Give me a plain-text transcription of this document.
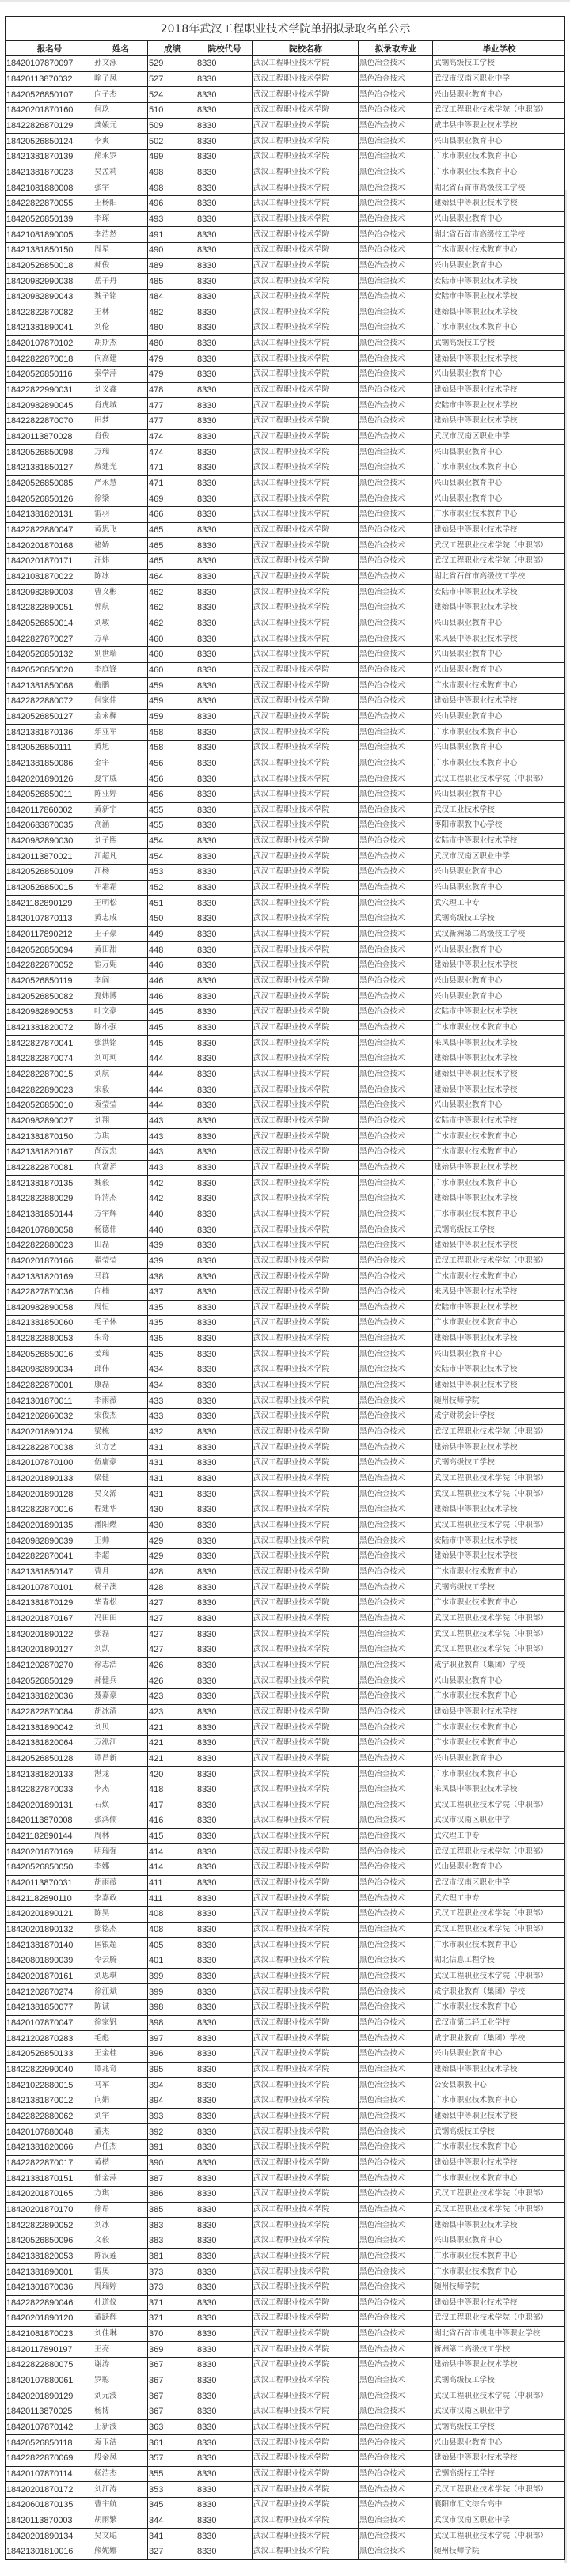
2018年武汉工程职业技术学院单招拟录取名单公示						
报名号	姓名	成绩	院校代号	院校名称	拟录取专业	毕业学校
18420107870097	孙文泳	529	8330	武汉工程职业技术学院	黑色冶金技术	武钢高级技工学校
18420113870032	喻子凤	527	8330	武汉工程职业技术学院	黑色冶金技术	武汉市汉南区职业中学
18420526850107	向子杰	524	8330	武汉工程职业技术学院	黑色冶金技术	兴山县职业教育中心
18420201870160	何玖	510	8330	武汉工程职业技术学院	黑色冶金技术	武汉工程职业技术学院（中职部）
18422826870129	龚媛元	509	8330	武汉工程职业技术学院	黑色冶金技术	咸丰县中等职业技术学校
18420526850124	李爽	502	8330	武汉工程职业技术学院	黑色冶金技术	兴山县职业教育中心
18421381870139	熊永罗	499	8330	武汉工程职业技术学院	黑色冶金技术	广水市职业技术教育中心
18421381870023	吴孟莉	498	8330	武汉工程职业技术学院	黑色冶金技术	广水市职业技术教育中心
18421081880008	张宇	498	8330	武汉工程职业技术学院	黑色冶金技术	湖北省石首市高级技工学校
18422822870055	王杨阳	496	8330	武汉工程职业技术学院	黑色冶金技术	建始县中等职业技术学校
18420526850139	李琛	493	8330	武汉工程职业技术学院	黑色冶金技术	兴山县职业教育中心
18421081890005	李浩然	491	8330	武汉工程职业技术学院	黑色冶金技术	湖北省石首市高级技工学校
18421381850150	周星	490	8330	武汉工程职业技术学院	黑色冶金技术	广水市职业技术教育中心
18420526850018	郝俊	489	8330	武汉工程职业技术学院	黑色冶金技术	兴山县职业教育中心
18420982990038	岳子丹	485	8330	武汉工程职业技术学院	黑色冶金技术	安陆市中等职业技术学校
18420982890043	魏子铭	484	8330	武汉工程职业技术学院	黑色冶金技术	安陆市中等职业技术学校
18422822870082	王林	482	8330	武汉工程职业技术学院	黑色冶金技术	建始县中等职业技术学校
18421381890041	刘伦	480	8330	武汉工程职业技术学院	黑色冶金技术	广水市职业技术教育中心
18420107870102	胡斯杰	480	8330	武汉工程职业技术学院	黑色冶金技术	武钢高级技工学校
18422822870018	向高建	479	8330	武汉工程职业技术学院	黑色冶金技术	建始县中等职业技术学校
18420526850116	秦学萍	479	8330	武汉工程职业技术学院	黑色冶金技术	兴山县职业教育中心
18422822990031	刘义鑫	478	8330	武汉工程职业技术学院	黑色冶金技术	建始县中等职业技术学校
18420982890045	肖虎城	477	8330	武汉工程职业技术学院	黑色冶金技术	安陆市中等职业技术学校
18422822870070	田梦	477	8330	武汉工程职业技术学院	黑色冶金技术	建始县中等职业技术学校
18420113870028	肖俊	474	8330	武汉工程职业技术学院	黑色冶金技术	武汉市汉南区职业中学
18420526850098	万瑞	474	8330	武汉工程职业技术学院	黑色冶金技术	兴山县职业教育中心
18421381850127	敖建光	471	8330	武汉工程职业技术学院	黑色冶金技术	广水市职业技术教育中心
18420526850085	严永慧	471	8330	武汉工程职业技术学院	黑色冶金技术	兴山县职业教育中心
18420526850126	徐梁	469	8330	武汉工程职业技术学院	黑色冶金技术	兴山县职业教育中心
18421381820131	雷羽	466	8330	武汉工程职业技术学院	黑色冶金技术	广水市职业技术教育中心
18422822880047	黄思飞	465	8330	武汉工程职业技术学院	黑色冶金技术	建始县中等职业技术学校
18420201870168	褚娇	465	8330	武汉工程职业技术学院	黑色冶金技术	武汉工程职业技术学院（中职部）
18420201870171	汪炜	465	8330	武汉工程职业技术学院	黑色冶金技术	武汉工程职业技术学院（中职部）
18421081870022	陈冰	464	8330	武汉工程职业技术学院	黑色冶金技术	湖北省石首市高级技工学校
18420982890003	曹文彬	462	8330	武汉工程职业技术学院	黑色冶金技术	安陆市中等职业技术学校
18422822890051	郭航	462	8330	武汉工程职业技术学院	黑色冶金技术	建始县中等职业技术学校
18420526850014	刘敏	462	8330	武汉工程职业技术学院	黑色冶金技术	兴山县职业教育中心
18422827870027	方草	460	8330	武汉工程职业技术学院	黑色冶金技术	来凤县中等职业技术学校
18420526850132	别世瑞	460	8330	武汉工程职业技术学院	黑色冶金技术	兴山县职业教育中心
18420526850020	李庭锋	460	8330	武汉工程职业技术学院	黑色冶金技术	兴山县职业教育中心
18421381850068	梅鹏	459	8330	武汉工程职业技术学院	黑色冶金技术	广水市职业技术教育中心
18422822880072	何家佳	459	8330	武汉工程职业技术学院	黑色冶金技术	建始县中等职业技术学校
18420526850127	金永樨	459	8330	武汉工程职业技术学院	黑色冶金技术	兴山县职业教育中心
18421381870136	乐亚军	458	8330	武汉工程职业技术学院	黑色冶金技术	广水市职业技术教育中心
18420526850111	黄旭	458	8330	武汉工程职业技术学院	黑色冶金技术	兴山县职业教育中心
18421381850086	金宇	456	8330	武汉工程职业技术学院	黑色冶金技术	广水市职业技术教育中心
18420201890126	夏宇威	456	8330	武汉工程职业技术学院	黑色冶金技术	武汉工程职业技术学院（中职部）
18420526850011	陈业婷	456	8330	武汉工程职业技术学院	黑色冶金技术	兴山县职业教育中心
18420117860002	黄新宇	455	8330	武汉工程职业技术学院	黑色冶金技术	武汉工业技术学校
18420683870035	高涵	455	8330	武汉工程职业技术学院	黑色冶金技术	枣阳市职教中心学校
18420982890030	刘子熙	454	8330	武汉工程职业技术学院	黑色冶金技术	安陆市中等职业技术学校
18420113870021	江超凡	454	8330	武汉工程职业技术学院	黑色冶金技术	武汉市汉南区职业中学
18420526850109	江杨	453	8330	武汉工程职业技术学院	黑色冶金技术	兴山县职业教育中心
18420526850015	车霜霜	452	8330	武汉工程职业技术学院	黑色冶金技术	兴山县职业教育中心
18421182890129	王明松	451	8330	武汉工程职业技术学院	黑色冶金技术	武穴理工中专
18420107870113	黄志成	450	8330	武汉工程职业技术学院	黑色冶金技术	武钢高级技工学校
18420117890212	王子豪	449	8330	武汉工程职业技术学院	黑色冶金技术	武汉新洲第二高级技工学校
18420526850094	黄田甜	448	8330	武汉工程职业技术学院	黑色冶金技术	兴山县职业教育中心
18422822870052	宦万妮	446	8330	武汉工程职业技术学院	黑色冶金技术	建始县中等职业技术学校
18420526850119	李阎	446	8330	武汉工程职业技术学院	黑色冶金技术	兴山县职业教育中心
18420526850082	夏炜博	446	8330	武汉工程职业技术学院	黑色冶金技术	兴山县职业教育中心
18420982890053	叶文豪	445	8330	武汉工程职业技术学院	黑色冶金技术	安陆市中等职业技术学校
18421381820072	陈小强	445	8330	武汉工程职业技术学院	黑色冶金技术	广水市职业技术教育中心
18422827870041	张洪铭	445	8330	武汉工程职业技术学院	黑色冶金技术	来凤县中等职业技术学校
18422822870074	刘可珂	444	8330	武汉工程职业技术学院	黑色冶金技术	建始县中等职业技术学校
18422822870015	刘航	444	8330	武汉工程职业技术学院	黑色冶金技术	建始县中等职业技术学校
18422822890023	宋毅	444	8330	武汉工程职业技术学院	黑色冶金技术	建始县中等职业技术学校
18420526850010	袁莹莹	444	8330	武汉工程职业技术学院	黑色冶金技术	兴山县职业教育中心
18420982890027	刘翔	443	8330	武汉工程职业技术学院	黑色冶金技术	安陆市中等职业技术学校
18421381870150	方琪	443	8330	武汉工程职业技术学院	黑色冶金技术	广水市职业技术教育中心
18421381820167	尚汉忠	443	8330	武汉工程职业技术学院	黑色冶金技术	广水市职业技术教育中心
18422822870081	向富滔	443	8330	武汉工程职业技术学院	黑色冶金技术	建始县中等职业技术学校
18421381870135	魏毅	442	8330	武汉工程职业技术学院	黑色冶金技术	广水市职业技术教育中心
18422822880029	许清杰	442	8330	武汉工程职业技术学院	黑色冶金技术	建始县中等职业技术学校
18421381850144	方宇辉	440	8330	武汉工程职业技术学院	黑色冶金技术	广水市职业技术教育中心
18420107880058	杨德伟	440	8330	武汉工程职业技术学院	黑色冶金技术	武钢高级技工学校
18422822880023	田磊	439	8330	武汉工程职业技术学院	黑色冶金技术	建始县中等职业技术学校
18420201870166	翟莹莹	439	8330	武汉工程职业技术学院	黑色冶金技术	武汉工程职业技术学院（中职部）
18421381820169	马群	438	8330	武汉工程职业技术学院	黑色冶金技术	广水市职业技术教育中心
18422827870036	向楠	437	8330	武汉工程职业技术学院	黑色冶金技术	来凤县中等职业技术学校
18420982890058	周恒	435	8330	武汉工程职业技术学院	黑色冶金技术	安陆市中等职业技术学校
18421381850060	毛子休	435	8330	武汉工程职业技术学院	黑色冶金技术	广水市职业技术教育中心
18422822880053	朱奇	435	8330	武汉工程职业技术学院	黑色冶金技术	建始县中等职业技术学校
18420526850016	姜瑞	435	8330	武汉工程职业技术学院	黑色冶金技术	兴山县职业教育中心
18420982890034	邱伟	434	8330	武汉工程职业技术学院	黑色冶金技术	安陆市中等职业技术学校
18422822870001	康磊	434	8330	武汉工程职业技术学院	黑色冶金技术	建始县中等职业技术学校
18421301870011	李雨薇	433	8330	武汉工程职业技术学院	黑色冶金技术	随州技师学院
18421202860032	宋俊杰	433	8330	武汉工程职业技术学院	黑色冶金技术	咸宁财税会计学校
18420201890124	梁栋	432	8330	武汉工程职业技术学院	黑色冶金技术	武汉工程职业技术学院（中职部）
18422822870038	刘方艺	431	8330	武汉工程职业技术学院	黑色冶金技术	建始县中等职业技术学校
18420107870100	伍庸豪	431	8330	武汉工程职业技术学院	黑色冶金技术	武钢高级技工学校
18420201890133	梁健	431	8330	武汉工程职业技术学院	黑色冶金技术	武汉工程职业技术学院（中职部）
18420201890128	吴文浠	431	8330	武汉工程职业技术学院	黑色冶金技术	武汉工程职业技术学院（中职部）
18422822870016	程建华	430	8330	武汉工程职业技术学院	黑色冶金技术	建始县中等职业技术学校
18420201890135	潘阳燃	430	8330	武汉工程职业技术学院	黑色冶金技术	武汉工程职业技术学院（中职部）
18420982890039	王帅	429	8330	武汉工程职业技术学院	黑色冶金技术	安陆市中等职业技术学校
18422822870041	李超	429	8330	武汉工程职业技术学院	黑色冶金技术	建始县中等职业技术学校
18421381850147	曹月	428	8330	武汉工程职业技术学院	黑色冶金技术	广水市职业技术教育中心
18420107870101	杨子澳	428	8330	武汉工程职业技术学院	黑色冶金技术	武钢高级技工学校
18421381870129	华青松	427	8330	武汉工程职业技术学院	黑色冶金技术	广水市职业技术教育中心
18420201870167	冯田田	427	8330	武汉工程职业技术学院	黑色冶金技术	武汉工程职业技术学院（中职部）
18420201890122	张磊	427	8330	武汉工程职业技术学院	黑色冶金技术	武汉工程职业技术学院（中职部）
18420201890127	刘凯	427	8330	武汉工程职业技术学院	黑色冶金技术	武汉工程职业技术学院（中职部）
18421202870270	徐志浩	426	8330	武汉工程职业技术学院	黑色冶金技术	咸宁职业教育（集团）学校
18420526850129	郝健兵	426	8330	武汉工程职业技术学院	黑色冶金技术	兴山县职业教育中心
18421381820036	聂嘉豪	423	8330	武汉工程职业技术学院	黑色冶金技术	广水市职业技术教育中心
18422822870084	胡冰清	423	8330	武汉工程职业技术学院	黑色冶金技术	建始县中等职业技术学校
18421381890042	刘贝	421	8330	武汉工程职业技术学院	黑色冶金技术	广水市职业技术教育中心
18421381820064	万泓江	421	8330	武汉工程职业技术学院	黑色冶金技术	广水市职业技术教育中心
18420526850128	谭昌新	421	8330	武汉工程职业技术学院	黑色冶金技术	兴山县职业教育中心
18421381820133	湛龙	420	8330	武汉工程职业技术学院	黑色冶金技术	广水市职业技术教育中心
18422827870033	李杰	418	8330	武汉工程职业技术学院	黑色冶金技术	来凤县中等职业技术学校
18420201890131	石焕	417	8330	武汉工程职业技术学院	黑色冶金技术	武汉工程职业技术学院（中职部）
18420113870008	张鸿儒	416	8330	武汉工程职业技术学院	黑色冶金技术	武汉市汉南区职业中学
18421182890144	周林	415	8330	武汉工程职业技术学院	黑色冶金技术	武穴理工中专
18420201870169	明瑞强	414	8330	武汉工程职业技术学院	黑色冶金技术	武汉工程职业技术学院（中职部）
18420526850050	李娜	414	8330	武汉工程职业技术学院	黑色冶金技术	兴山县职业教育中心
18420113870031	胡雨薇	411	8330	武汉工程职业技术学院	黑色冶金技术	武汉市汉南区职业中学
18421182890110	李嘉政	411	8330	武汉工程职业技术学院	黑色冶金技术	武穴理工中专
18420201890121	陈昊	408	8330	武汉工程职业技术学院	黑色冶金技术	武汉工程职业技术学院（中职部）
18420201890132	张铭杰	408	8330	武汉工程职业技术学院	黑色冶金技术	武汉工程职业技术学院（中职部）
18421381870140	匡锒超	405	8330	武汉工程职业技术学院	黑色冶金技术	广水市职业技术教育中心
18420801890039	令云腾	401	8330	武汉工程职业技术学院	黑色冶金技术	湖北信息工程学校
18420201870161	刘思琪	399	8330	武汉工程职业技术学院	黑色冶金技术	武汉工程职业技术学院（中职部）
18421202870274	徐汪斌	399	8330	武汉工程职业技术学院	黑色冶金技术	咸宁职业教育（集团）学校
18421381850077	陈诚	398	8330	武汉工程职业技术学院	黑色冶金技术	广水市职业技术教育中心
18420107870047	徐家钒	398	8330	武汉工程职业技术学院	黑色冶金技术	武汉市第二轻工业学校
18421202870283	毛彪	397	8330	武汉工程职业技术学院	黑色冶金技术	咸宁职业教育（集团）学校
18420526850133	王金桂	396	8330	武汉工程职业技术学院	黑色冶金技术	兴山县职业教育中心
18422822990040	谭兆奇	395	8330	武汉工程职业技术学院	黑色冶金技术	建始县中等职业技术学校
18421022880015	马军	394	8330	武汉工程职业技术学院	黑色冶金技术	公安县职教中心
18421381870012	向娟	394	8330	武汉工程职业技术学院	黑色冶金技术	广水市职业技术教育中心
18422822880062	刘宇	393	8330	武汉工程职业技术学院	黑色冶金技术	建始县中等职业技术学校
18420107880048	董杰	392	8330	武汉工程职业技术学院	黑色冶金技术	武钢高级技工学校
18421381820066	卢任杰	391	8330	武汉工程职业技术学院	黑色冶金技术	广水市职业技术教育中心
18422822870017	黄楷	390	8330	武汉工程职业技术学院	黑色冶金技术	建始县中等职业技术学校
18421381870151	郁金萍	387	8330	武汉工程职业技术学院	黑色冶金技术	广水市职业技术教育中心
18420201870165	方琪	386	8330	武汉工程职业技术学院	黑色冶金技术	武汉工程职业技术学院（中职部）
18420201870170	徐昂	385	8330	武汉工程职业技术学院	黑色冶金技术	武汉工程职业技术学院（中职部）
18422822890052	刘冰	383	8330	武汉工程职业技术学院	黑色冶金技术	建始县中等职业技术学校
18420526850096	文毅	383	8330	武汉工程职业技术学院	黑色冶金技术	兴山县职业教育中心
18421381820053	陈汉莲	381	8330	武汉工程职业技术学院	黑色冶金技术	广水市职业技术教育中心
18421381890001	雷奥	373	8330	武汉工程职业技术学院	黑色冶金技术	广水市职业技术教育中心
18421301870036	周瑞婷	373	8330	武汉工程职业技术学院	黑色冶金技术	随州技师学院
18422822890046	杜道仪	371	8330	武汉工程职业技术学院	黑色冶金技术	建始县中等职业技术学校
18420201890120	董跃辉	371	8330	武汉工程职业技术学院	黑色冶金技术	武汉工程职业技术学院（中职部）
18421081870023	刘佳琳	370	8330	武汉工程职业技术学院	黑色冶金技术	湖北省石首市机电中等职业学校
18420117890197	王亮	369	8330	武汉工程职业技术学院	黑色冶金技术	新洲第二高级技工学校
18422822880075	谢涛	367	8330	武汉工程职业技术学院	黑色冶金技术	建始县中等职业技术学校
18420107880061	罗聪	367	8330	武汉工程职业技术学院	黑色冶金技术	武钢高级技工学校
18420201890129	刘元波	367	8330	武汉工程职业技术学院	黑色冶金技术	武汉工程职业技术学院（中职部）
18420113870025	杨博	367	8330	武汉工程职业技术学院	黑色冶金技术	武汉市汉南区职业中学
18420107870142	王新波	363	8330	武汉工程职业技术学院	黑色冶金技术	武钢高级技工学校
18420526850118	袁玉洁	361	8330	武汉工程职业技术学院	黑色冶金技术	兴山县职业教育中心
18422822870069	殷金凤	357	8330	武汉工程职业技术学院	黑色冶金技术	建始县中等职业技术学校
18420107870114	杨浩杰	355	8330	武汉工程职业技术学院	黑色冶金技术	武钢高级技工学校
18420201870172	刘江涛	353	8330	武汉工程职业技术学院	黑色冶金技术	武汉工程职业技术学院（中职部）
18420601870135	曹宇航	345	8330	武汉工程职业技术学院	黑色冶金技术	襄阳市汇文综合高中
18420113870003	胡雨繁	344	8330	武汉工程职业技术学院	黑色冶金技术	武汉市汉南区职业中学
18420201890134	吴文聪	341	8330	武汉工程职业技术学院	黑色冶金技术	武汉工程职业技术学院（中职部）
18421301810016	熊妮娜	327	8330	武汉工程职业技术学院	黑色冶金技术	随州技师学院
